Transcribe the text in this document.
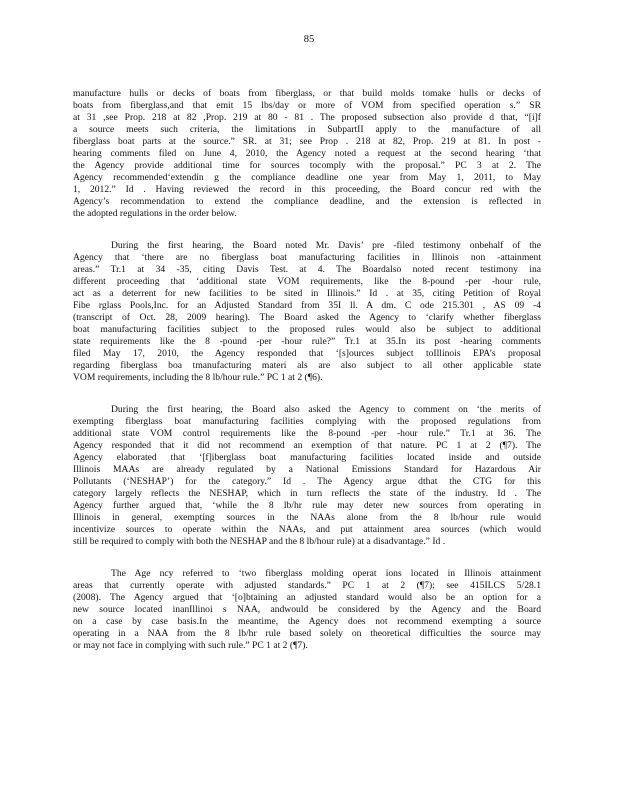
85
manufacture hulls or decks of boats from fiberglass, or that build molds tomake hulls or decks of
boats from fiberglass,and that emit 15 lbs/day or more of VOM from specified operation s.” SR
at 31 ,see Prop. 218 at 82 ,Prop. 219 at 80 - 81 . The proposed subsection also provide d that, “[i]f
a source meets such criteria, the limitations in SubpartII apply to the manufacture of all
fiberglass boat parts at the source.” SR. at 31; see Prop . 218 at 82, Prop. 219 at 81. In post -
hearing comments filed on June 4, 2010, the Agency noted a request at the second hearing ‘that
the Agency provide additional time for sources tocomply with the proposal.” PC 3 at 2. The
Agency recommended‘extendin g the compliance deadline one year from May 1, 2011, to May
1, 2012.” Id . Having reviewed the record in this proceeding, the Board concur red with the
Agency’s recommendation to extend the compliance deadline, and the extension is reflected in
the adopted regulations in the order below.
During the first hearing, the Board noted Mr. Davis’ pre -filed testimony onbehalf of the
Agency that ‘there are no fiberglass boat manufacturing facilities in Illinois non -attainment
areas.” Tr.1 at 34 -35, citing Davis Test. at 4. The Boardalso noted recent testimony ina
different proceeding that ‘additional state VOM requirements, like the 8-pound -per -hour rule,
act as a deterrent for new facilities to be sited in Illinois.” Id . at 35, citing Petition of Royal
Fibe rglass Pools,Inc. for an Adjusted Standard from 35I ll. A dm. C ode 215.301 , AS 09 -4
(transcript of Oct. 28, 2009 hearing). The Board asked the Agency to ‘clarify whether fiberglass
boat manufacturing facilities subject to the proposed rules would also be subject to additional
state requirements like the 8 -pound -per -hour rule?” Tr.1 at 35.In its post -hearing comments
filed May 17, 2010, the Agency responded that ‘[s]ources subject toIllinois EPA’s proposal
regarding fiberglass boa tmanufacturing materi als are also subject to all other applicable state
VOM requirements, including the 8 lb/hour rule.” PC 1 at 2 (¶6).
During the first hearing, the Board also asked the Agency to comment on ‘the merits of
exempting fiberglass boat manufacturing facilities complying with the proposed regulations from
additional state VOM control requirements like the 8-pound -per -hour rule.” Tr.1 at 36. The
Agency responded that it did not recommend an exemption of that nature. PC 1 at 2 (¶7). The
Agency elaborated that ‘[f]iberglass boat manufacturing facilities located inside and outside
Illinois MAAs are already regulated by a National Emissions Standard for Hazardous Air
Pollutants (‘NESHAP’) for the category.” Id . The Agency argue dthat the CTG for this
category largely reflects the NESHAP, which in turn reflects the state of the industry. Id . The
Agency further argued that, ‘while the 8 lb/hr rule may deter new sources from operating in
Illinois in general, exempting sources in the NAAs alone from the 8 lb/hour rule would
incentivize sources to operate within the NAAs, and put attainment area sources (which would
still be required to comply with both the NESHAP and the 8 lb/hour rule) at a disadvantage.” Id .
The Age ncy referred to ‘two fiberglass molding operat ions located in Illinois attainment
areas that currently operate with adjusted standards.” PC 1 at 2 (¶7); see 415ILCS 5/28.1
(2008). The Agency argued that ‘[o]btaining an adjusted standard would also be an option for a
new source located inanIllinoi s NAA, andwould be considered by the Agency and the Board
on a case by case basis.In the meantime, the Agency does not recommend exempting a source
operating in a NAA from the 8 lb/hr rule based solely on theoretical difficulties the source may
or may not face in complying with such rule.” PC 1 at 2 (¶7).
